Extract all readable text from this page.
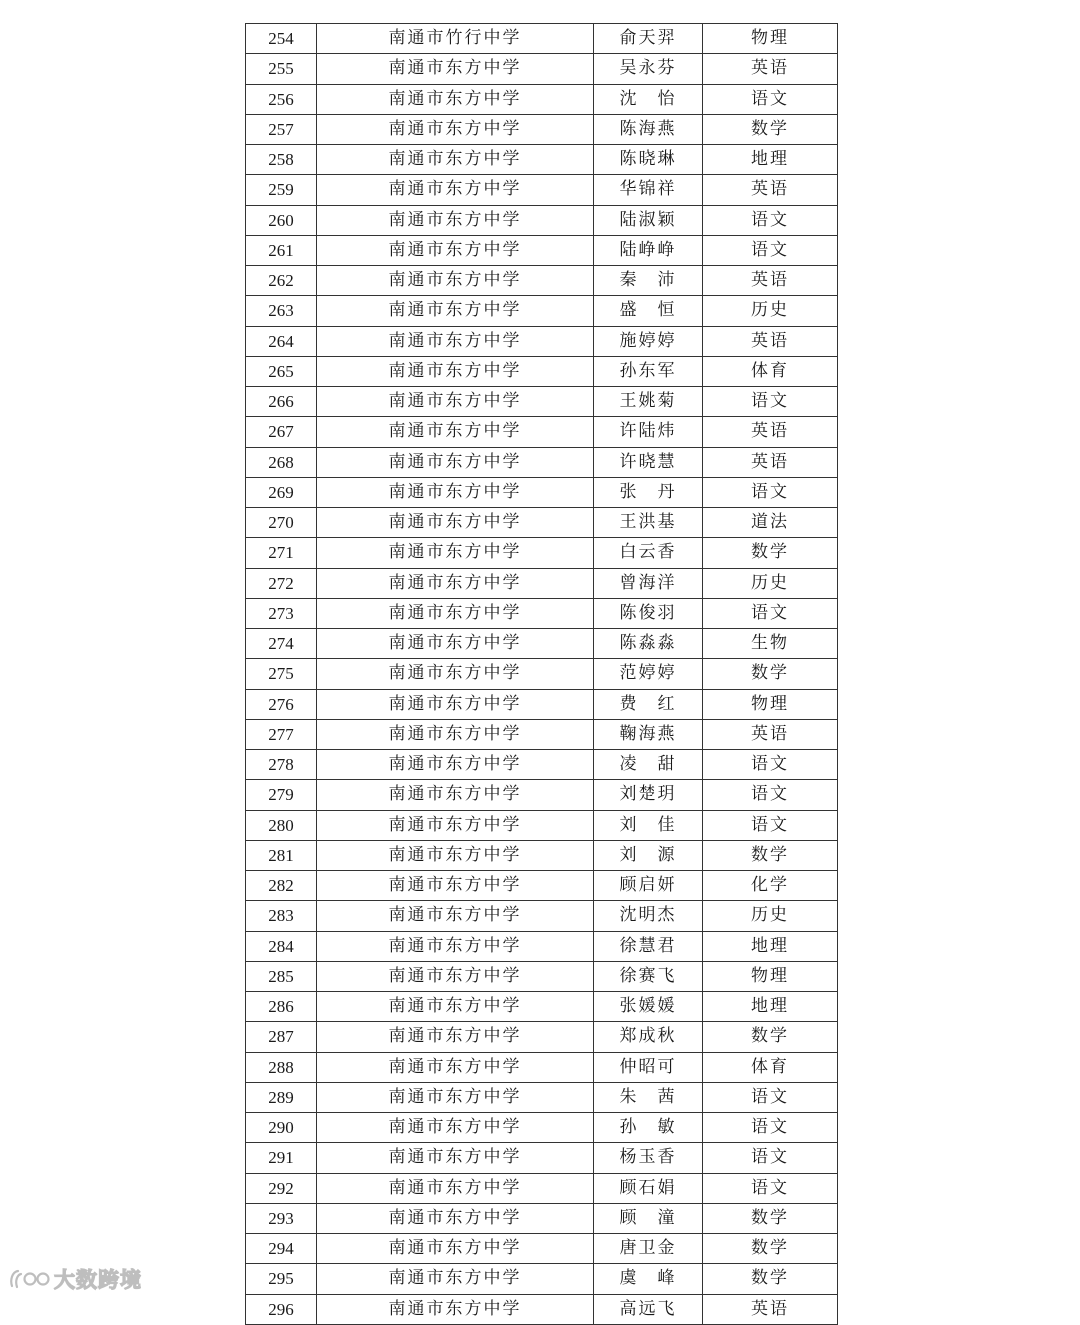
254	南通市竹行中学	俞天羿	物理
255	南通市东方中学	吴永芬	英语
256	南通市东方中学	沈　怡	语文
257	南通市东方中学	陈海燕	数学
258	南通市东方中学	陈晓琳	地理
259	南通市东方中学	华锦祥	英语
260	南通市东方中学	陆淑颖	语文
261	南通市东方中学	陆峥峥	语文
262	南通市东方中学	秦　沛	英语
263	南通市东方中学	盛　恒	历史
264	南通市东方中学	施婷婷	英语
265	南通市东方中学	孙东军	体育
266	南通市东方中学	王姚菊	语文
267	南通市东方中学	许陆炜	英语
268	南通市东方中学	许晓慧	英语
269	南通市东方中学	张　丹	语文
270	南通市东方中学	王洪基	道法
271	南通市东方中学	白云香	数学
272	南通市东方中学	曾海洋	历史
273	南通市东方中学	陈俊羽	语文
274	南通市东方中学	陈淼淼	生物
275	南通市东方中学	范婷婷	数学
276	南通市东方中学	费　红	物理
277	南通市东方中学	鞠海燕	英语
278	南通市东方中学	凌　甜	语文
279	南通市东方中学	刘楚玥	语文
280	南通市东方中学	刘　佳	语文
281	南通市东方中学	刘　源	数学
282	南通市东方中学	顾启妍	化学
283	南通市东方中学	沈明杰	历史
284	南通市东方中学	徐慧君	地理
285	南通市东方中学	徐赛飞	物理
286	南通市东方中学	张媛媛	地理
287	南通市东方中学	郑成秋	数学
288	南通市东方中学	仲昭可	体育
289	南通市东方中学	朱　茜	语文
290	南通市东方中学	孙　敏	语文
291	南通市东方中学	杨玉香	语文
292	南通市东方中学	顾石娟	语文
293	南通市东方中学	顾　潼	数学
294	南通市东方中学	唐卫金	数学
295	南通市东方中学	虞　峰	数学
296	南通市东方中学	高远飞	英语
大数跨境
